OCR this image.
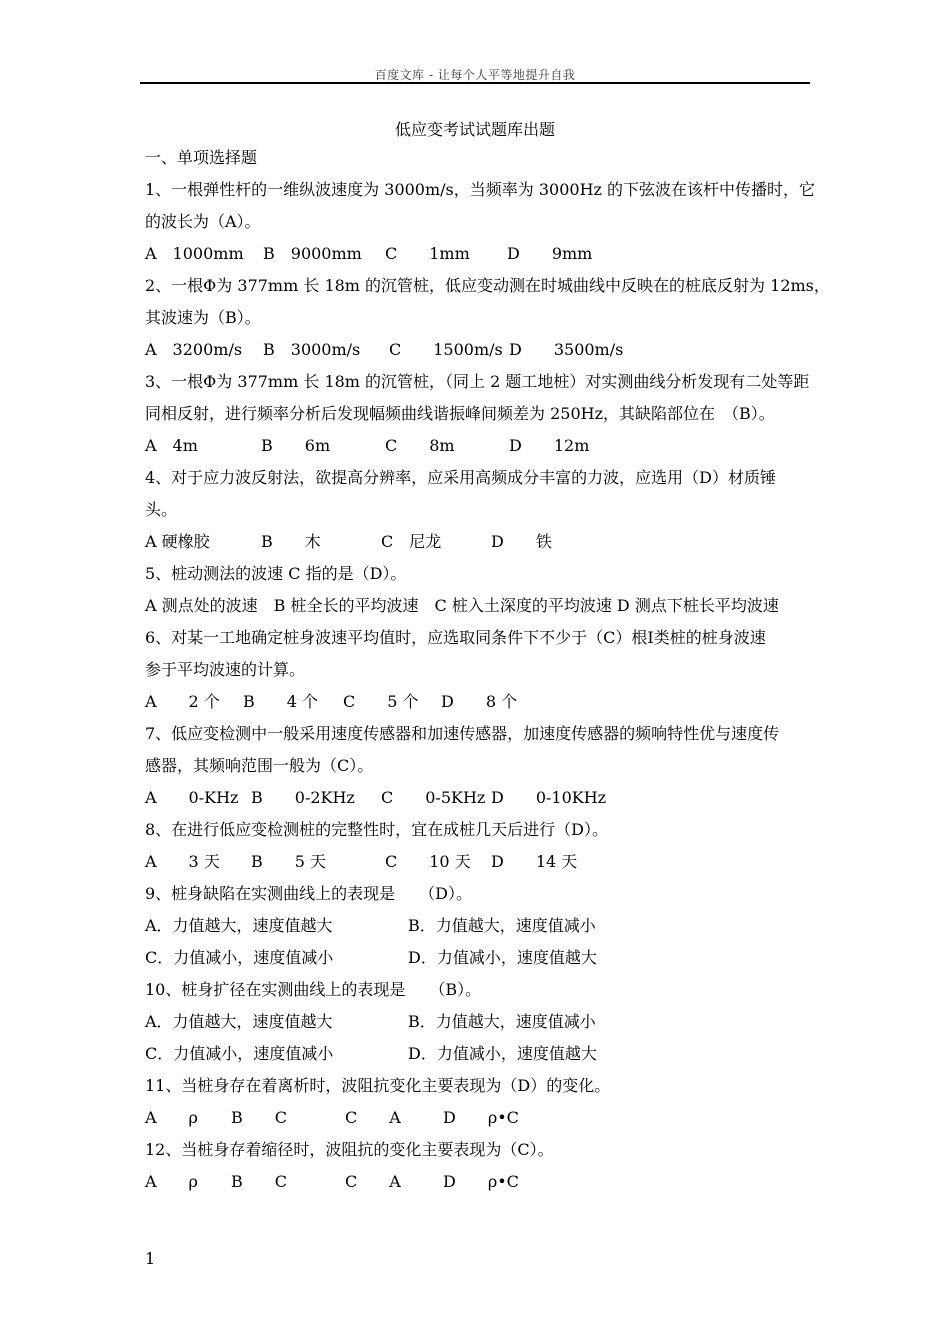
百度文库 - 让每个人平等地提升自我
低应变考试试题库出题
一、单项选择题
1、一根弹性杆的一维纵波速度为 3000m/s，当频率为 3000Hz 的下弦波在该杆中传播时，它
的波长为（A）。
A　1000mm B　9000mm C　　1mm D　　9mm
2、一根Φ为 377mm 长 18m 的沉管桩，低应变动测在时城曲线中反映在的桩底反射为 12ms，
其波速为（B）。
A　3200m/s B　3000m/s C　　1500m/s D　　3500m/s
3、一根Φ为 377mm 长 18m 的沉管桩，（同上 2 题工地桩）对实测曲线分析发现有二处等距
同相反射，进行频率分析后发现幅频曲线谐振峰间频差为 250Hz，其缺陷部位在　（B）。
A　4m	B　　6m	C　　8m	D　　12m
4、对于应力波反射法，欲提高分辨率，应采用高频成分丰富的力波，应选用（D）材质锤
头。
A 硬橡胶	B　　木	C　尼龙	D　　铁
5、桩动测法的波速 C 指的是（D）。
A 测点处的波速　B 桩全长的平均波速　C 桩入土深度的平均波速 D 测点下桩长平均波速
6、对某一工地确定桩身波速平均值时，应选取同条件下不少于（C）根Ⅰ类桩的桩身波速
参于平均波速的计算。
A　　2 个 B　　4 个 C　　5 个 D　　8 个
7、低应变检测中一般采用速度传感器和加速传感器，加速度传感器的频响特性优与速度传
感器，其频响范围一般为（C）。
A　　0-KHz B　　0-2KHz C　　0-5KHz D　　0-10KHz
8、在进行低应变检测桩的完整性时，宜在成桩几天后进行（D）。
A　　3 天 B　　5 天	C　　10 天 D　　14 天
9、桩身缺陷在实测曲线上的表现是　　（D）。
A．力值越大，速度值越大	B．力值越大，速度值减小
C．力值减小，速度值减小	D．力值减小，速度值越大
10、桩身扩径在实测曲线上的表现是　　（B）。
A．力值越大，速度值越大	B．力值越大，速度值减小
C．力值减小，速度值减小	D．力值减小，速度值越大
11、当桩身存在着离析时，波阻抗变化主要表现为（D）的变化。
A　　ρ B　　C	C　　A	D　　ρ•C
12、当桩身存着缩径时，波阻抗的变化主要表现为（C）。
A　　ρ B　　C	C　　A	D　　ρ•C
1
